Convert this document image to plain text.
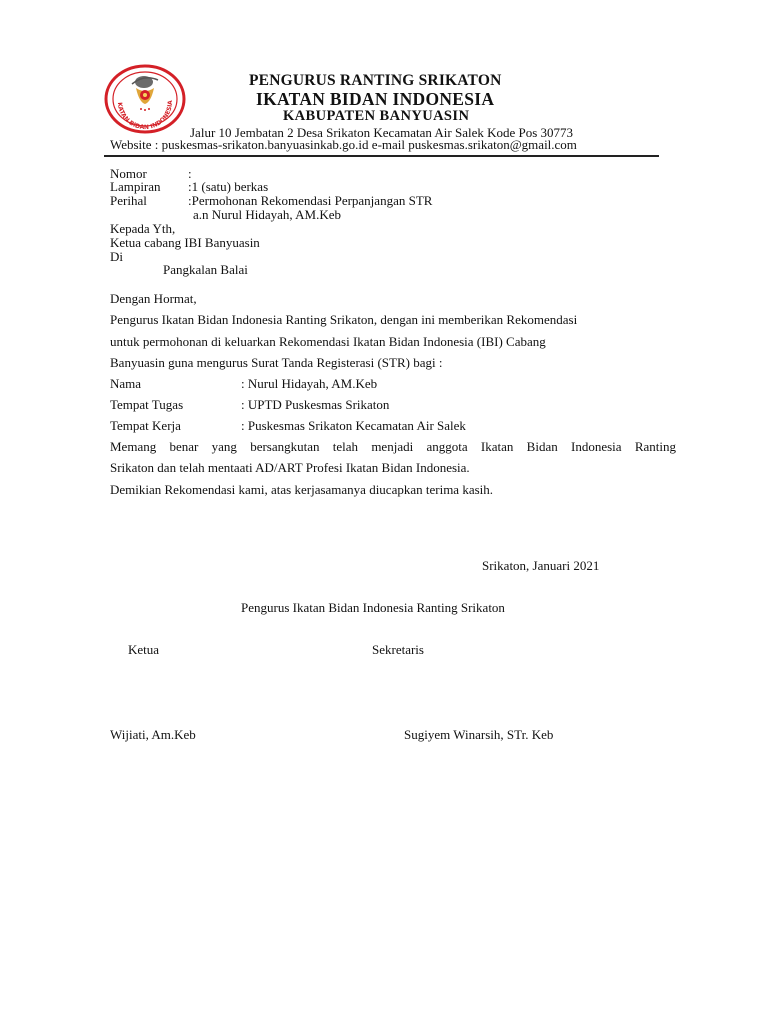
KATAN BIDAN INDONESIA
PENGURUS RANTING SRIKATON
IKATAN BIDAN INDONESIA
KABUPATEN BANYUASIN
Jalur 10 Jembatan 2 Desa Srikaton Kecamatan Air Salek Kode Pos 30773
Website : puskesmas-srikaton.banyuasinkab.go.id e-mail puskesmas.srikaton@gmail.com
Nomor	:
Lampiran :1 (satu) berkas
Perihal	:Permohonan Rekomendasi Perpanjangan STR
a.n Nurul Hidayah, AM.Keb
Kepada Yth,
Ketua cabang IBI Banyuasin
Di
Pangkalan Balai
Dengan Hormat,
Pengurus Ikatan Bidan Indonesia Ranting Srikaton, dengan ini memberikan Rekomendasi
untuk permohonan di keluarkan Rekomendasi Ikatan Bidan Indonesia (IBI) Cabang
Banyuasin guna mengurus Surat Tanda Registerasi (STR) bagi :
Nama	: Nurul Hidayah, AM.Keb
Tempat Tugas	: UPTD Puskesmas Srikaton
Tempat Kerja	: Puskesmas Srikaton Kecamatan Air Salek
Memang benar yang bersangkutan telah menjadi anggota Ikatan Bidan Indonesia Ranting
Srikaton dan telah mentaati AD/ART Profesi Ikatan Bidan Indonesia.
Demikian Rekomendasi kami, atas kerjasamanya diucapkan terima kasih.
Srikaton, Januari 2021
Pengurus Ikatan Bidan Indonesia Ranting Srikaton
Ketua	Sekretaris
Wijiati, Am.Keb	Sugiyem Winarsih, STr. Keb
